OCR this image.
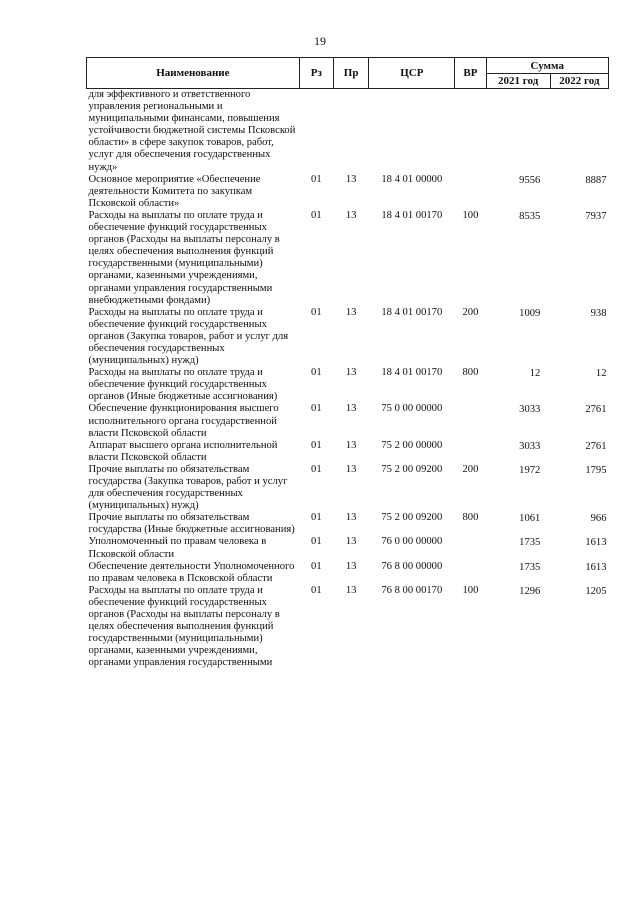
19
Наименование	Рз	Пр	ЦСР	ВР	Сумма	
					2021 год	2022 год
для эффективного и ответственного управления региональными и муниципальными финансами, повышения устойчивости бюджетной системы Псковской области» в сфере закупок товаров, работ, услуг для обеспечения государственных нужд»						
Основное мероприятие «Обеспечение деятельности Комитета по закупкам Псковской области»	01	13	18 4 01 00000		9556	8887
Расходы на выплаты по оплате труда и обеспечение функций государственных органов (Расходы на выплаты персоналу в целях обеспечения выполнения функций государственными (муниципальными) органами, казенными учреждениями, органами управления государственными внебюджетными фондами)	01	13	18 4 01 00170	100	8535	7937
Расходы на выплаты по оплате труда и обеспечение функций государственных органов (Закупка товаров, работ и услуг для обеспечения государственных (муниципальных) нужд)	01	13	18 4 01 00170	200	1009	938
Расходы на выплаты по оплате труда и обеспечение функций государственных органов (Иные бюджетные ассигнования)	01	13	18 4 01 00170	800	12	12
Обеспечение функционирования высшего исполнительного органа государственной власти Псковской области	01	13	75 0 00 00000		3033	2761
Аппарат высшего органа исполнительной власти Псковской области	01	13	75 2 00 00000		3033	2761
Прочие выплаты по обязательствам государства (Закупка товаров, работ и услуг для обеспечения государственных (муниципальных) нужд)	01	13	75 2 00 09200	200	1972	1795
Прочие выплаты по обязательствам государства (Иные бюджетные ассигнования)	01	13	75 2 00 09200	800	1061	966
Уполномоченный по правам человека в Псковской области	01	13	76 0 00 00000		1735	1613
Обеспечение деятельности Уполномоченного по правам человека в Псковской области	01	13	76 8 00 00000		1735	1613
Расходы на выплаты по оплате труда и обеспечение функций государственных органов (Расходы на выплаты персоналу в целях обеспечения выполнения функций государственными (муниципальными) органами, казенными учреждениями, органами управления государственными	01	13	76 8 00 00170	100	1296	1205
